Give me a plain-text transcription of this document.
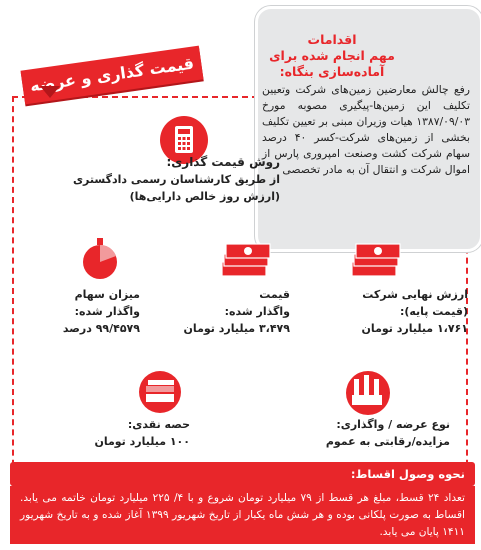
اقدامات
مهم انجام شده برای
آماده‌سازی بنگاه:
رفع چالش معارضین زمین‌های شرکت وتعیین تکلیف این زمین‌ها-پیگیری مصوبه مورخ ۱۳۸۷/۰۹/۰۳ هیات وزیران مبنی بر تعیین تکلیف بخشی از زمین‌های شرکت-کسر ۴۰ درصد سهام شرکت کشت وصنعت امپروری پارس از اموال شرکت و انتقال آن به مادر تخصصی
قیمت گذاری و عرضه
روش قیمت گذاری:
از طریق کارشناسان رسمی دادگستری
(ارزش روز خالص دارایی‌ها)
میزان سهام
واگذار شده:
۹۹/۴۵۷۹ درصد
قیمت
واگذار شده:
۳،۴۷۹ میلیارد تومان
ارزش نهایی شرکت
(قیمت پایه):
۱،۷۶۱ میلیارد تومان
حصه نقدی:
۱۰۰ میلیارد تومان
نوع عرضه / واگذاری:
مزایده/رقابتی به عموم
نحوه وصول اقساط:
تعداد ۲۴ قسط، مبلغ هر قسط از ۷۹ میلیارد تومان شروع و با ۴/ ۲۲۵ میلیارد تومان خاتمه می یابد. اقساط به صورت پلکانی بوده و هر شش ماه یکبار از تاریخ شهریور ۱۳۹۹ آغاز شده و به تاریخ شهریور ۱۴۱۱ پایان می یابد.
